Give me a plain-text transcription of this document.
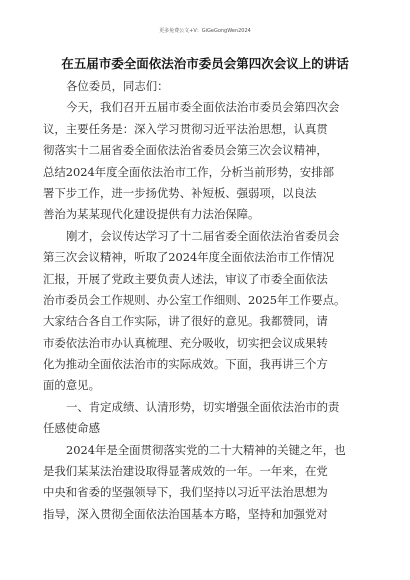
更多免费公文+V：GiGeGongWen2024
在五届市委全面依法治市委员会第四次会议上的讲话
各位委员，同志们：
今天，我们召开五届市委全面依法治市委员会第四次会
议，主要任务是：深入学习贯彻习近平法治思想，认真贯
彻落实十二届省委全面依法治省委员会第三次会议精神，
总结2024年度全面依法治市工作，分析当前形势，安排部
署下步工作，进一步扬优势、补短板、强弱项，以良法
善治为某某现代化建设提供有力法治保障。
刚才，会议传达学习了十二届省委全面依法治省委员会
第三次会议精神，听取了2024年度全面依法治市工作情况
汇报，开展了党政主要负责人述法，审议了市委全面依法
治市委员会工作规则、办公室工作细则、2025年工作要点。
大家结合各自工作实际，讲了很好的意见。我都赞同，请
市委依法治市办认真梳理、充分吸收，切实把会议成果转
化为推动全面依法治市的实际成效。下面，我再讲三个方
面的意见。
一、肯定成绩、认清形势，切实增强全面依法治市的责
任感使命感
2024年是全面贯彻落实党的二十大精神的关键之年，也
是我们某某法治建设取得显著成效的一年。一年来，在党
中央和省委的坚强领导下，我们坚持以习近平法治思想为
指导，深入贯彻全面依法治国基本方略，坚持和加强党对
